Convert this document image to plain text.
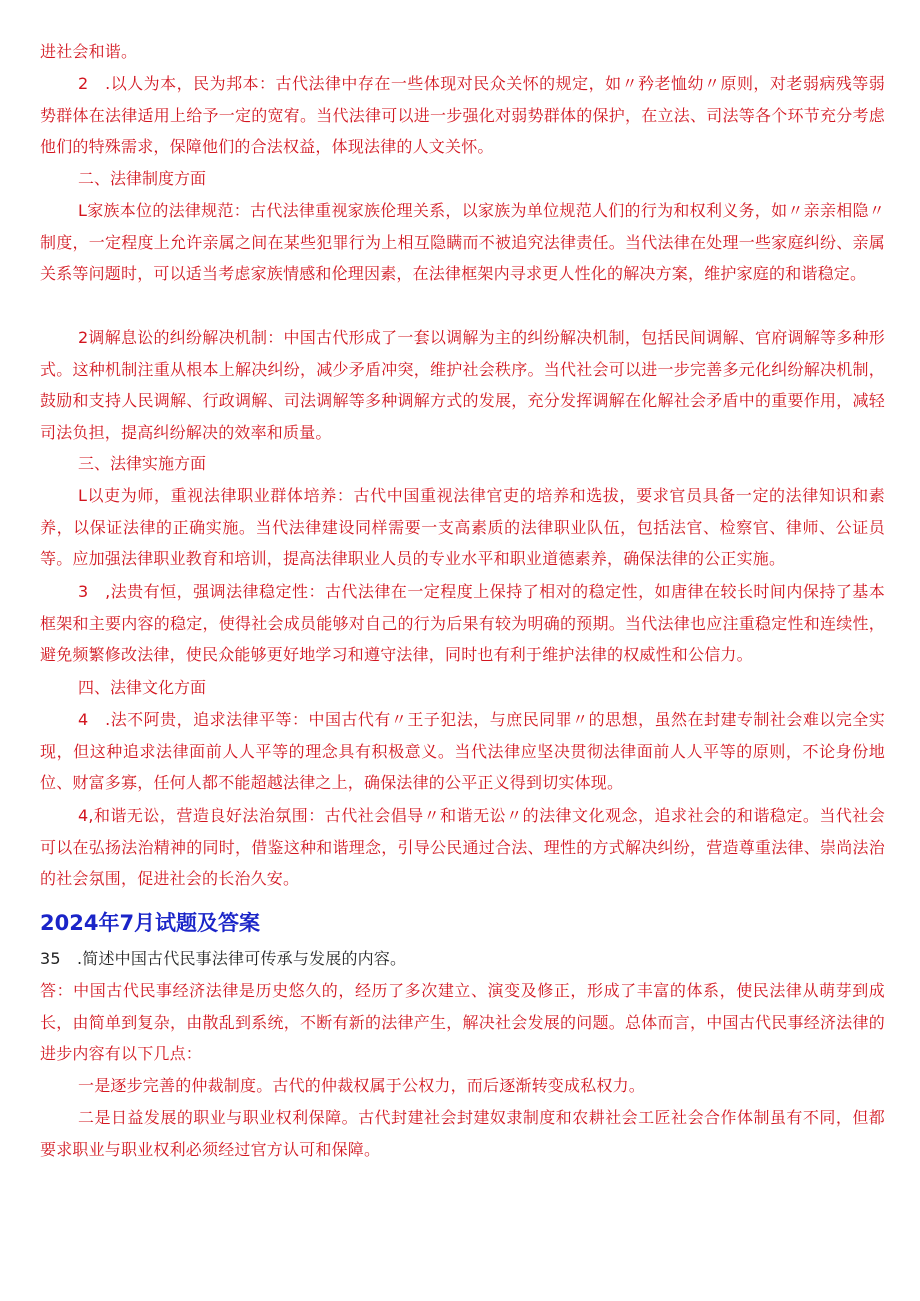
进社会和谐。

2　.以人为本，民为邦本：古代法律中存在一些体现对民众关怀的规定，如〃矜老恤幼〃原则，对老弱病残等弱势群体在法律适用上给予一定的宽宥。当代法律可以进一步强化对弱势群体的保护，在立法、司法等各个环节充分考虑他们的特殊需求，保障他们的合法权益，体现法律的人文关怀。

二、法律制度方面

L家族本位的法律规范：古代法律重视家族伦理关系，以家族为单位规范人们的行为和权利义务，如〃亲亲相隐〃制度，一定程度上允许亲属之间在某些犯罪行为上相互隐瞒而不被追究法律责任。当代法律在处理一些家庭纠纷、亲属关系等问题时，可以适当考虑家族情感和伦理因素，在法律框架内寻求更人性化的解决方案，维护家庭的和谐稳定。

2调解息讼的纠纷解决机制：中国古代形成了一套以调解为主的纠纷解决机制，包括民间调解、官府调解等多种形式。这种机制注重从根本上解决纠纷，减少矛盾冲突，维护社会秩序。当代社会可以进一步完善多元化纠纷解决机制，鼓励和支持人民调解、行政调解、司法调解等多种调解方式的发展，充分发挥调解在化解社会矛盾中的重要作用，减轻司法负担，提高纠纷解决的效率和质量。

三、法律实施方面

L以吏为师，重视法律职业群体培养：古代中国重视法律官吏的培养和选拔，要求官员具备一定的法律知识和素养，以保证法律的正确实施。当代法律建设同样需要一支高素质的法律职业队伍，包括法官、检察官、律师、公证员等。应加强法律职业教育和培训，提高法律职业人员的专业水平和职业道德素养，确保法律的公正实施。

3　,法贵有恒，强调法律稳定性：古代法律在一定程度上保持了相对的稳定性，如唐律在较长时间内保持了基本框架和主要内容的稳定，使得社会成员能够对自己的行为后果有较为明确的预期。当代法律也应注重稳定性和连续性，避免频繁修改法律，使民众能够更好地学习和遵守法律，同时也有利于维护法律的权威性和公信力。

四、法律文化方面

4　.法不阿贵，追求法律平等：中国古代有〃王子犯法，与庶民同罪〃的思想，虽然在封建专制社会难以完全实现，但这种追求法律面前人人平等的理念具有积极意义。当代法律应坚决贯彻法律面前人人平等的原则，不论身份地位、财富多寡，任何人都不能超越法律之上，确保法律的公平正义得到切实体现。

4,和谐无讼，营造良好法治氛围：古代社会倡导〃和谐无讼〃的法律文化观念，追求社会的和谐稳定。当代社会可以在弘扬法治精神的同时，借鉴这种和谐理念，引导公民通过合法、理性的方式解决纠纷，营造尊重法律、崇尚法治的社会氛围，促进社会的长治久安。

2024年7月试题及答案

35　.简述中国古代民事法律可传承与发展的内容。

答：中国古代民事经济法律是历史悠久的，经历了多次建立、演变及修正，形成了丰富的体系，使民法律从萌芽到成长，由简单到复杂，由散乱到系统，不断有新的法律产生，解决社会发展的问题。总体而言，中国古代民事经济法律的进步内容有以下几点：

一是逐步完善的仲裁制度。古代的仲裁权属于公权力，而后逐渐转变成私权力。

二是日益发展的职业与职业权利保障。古代封建社会封建奴隶制度和农耕社会工匠社会合作体制虽有不同，但都要求职业与职业权利必须经过官方认可和保障。
